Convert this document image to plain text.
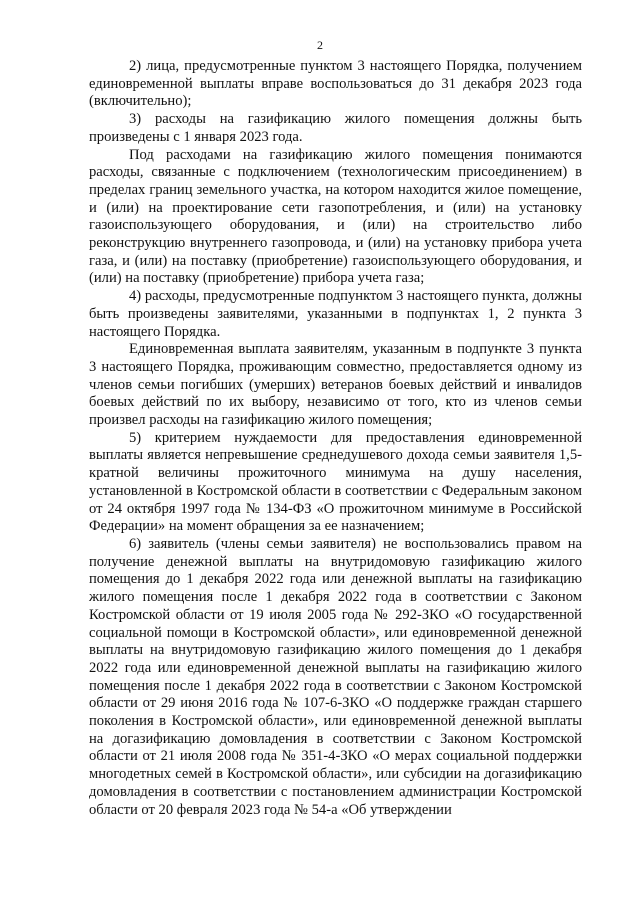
2

2) лица, предусмотренные пунктом 3 настоящего Порядка, получением единовременной выплаты вправе воспользоваться до 31 декабря 2023 года (включительно);

3) расходы на газификацию жилого помещения должны быть произведены с 1 января 2023 года.

Под расходами на газификацию жилого помещения понимаются расходы, связанные с подключением (технологическим присоединением) в пределах границ земельного участка, на котором находится жилое помещение, и (или) на проектирование сети газопотребления, и (или) на установку газоиспользующего оборудования, и (или) на строительство либо реконструкцию внутреннего газопровода, и (или) на установку прибора учета газа, и (или) на поставку (приобретение) газоиспользующего оборудования, и (или) на поставку (приобретение) прибора учета газа;

4) расходы, предусмотренные подпунктом 3 настоящего пункта, должны быть произведены заявителями, указанными в подпунктах 1, 2 пункта 3 настоящего Порядка.

Единовременная выплата заявителям, указанным в подпункте 3 пункта 3 настоящего Порядка, проживающим совместно, предоставляется одному из членов семьи погибших (умерших) ветеранов боевых действий и инвалидов боевых действий по их выбору, независимо от того, кто из членов семьи произвел расходы на газификацию жилого помещения;

5) критерием нуждаемости для предоставления единовременной выплаты является непревышение среднедушевого дохода семьи заявителя 1,5-кратной величины прожиточного минимума на душу населения, установленной в Костромской области в соответствии с Федеральным законом от 24 октября 1997 года № 134-ФЗ «О прожиточном минимуме в Российской Федерации» на момент обращения за ее назначением;

6) заявитель (члены семьи заявителя) не воспользовались правом на получение денежной выплаты на внутридомовую газификацию жилого помещения до 1 декабря 2022 года или денежной выплаты на газификацию жилого помещения после 1 декабря 2022 года в соответствии с Законом Костромской области от 19 июля 2005 года № 292-ЗКО «О государственной социальной помощи в Костромской области», или единовременной денежной выплаты на внутридомовую газификацию жилого помещения до 1 декабря 2022 года или единовременной денежной выплаты на газификацию жилого помещения после 1 декабря 2022 года в соответствии с Законом Костромской области от 29 июня 2016 года № 107-6-ЗКО «О поддержке граждан старшего поколения в Костромской области», или единовременной денежной выплаты на догазификацию домовладения в соответствии с Законом Костромской области от 21 июля 2008 года № 351-4-ЗКО «О мерах социальной поддержки многодетных семей в Костромской области», или субсидии на догазификацию домовладения в соответствии с постановлением администрации Костромской области от 20 февраля 2023 года № 54-а «Об утверждении
